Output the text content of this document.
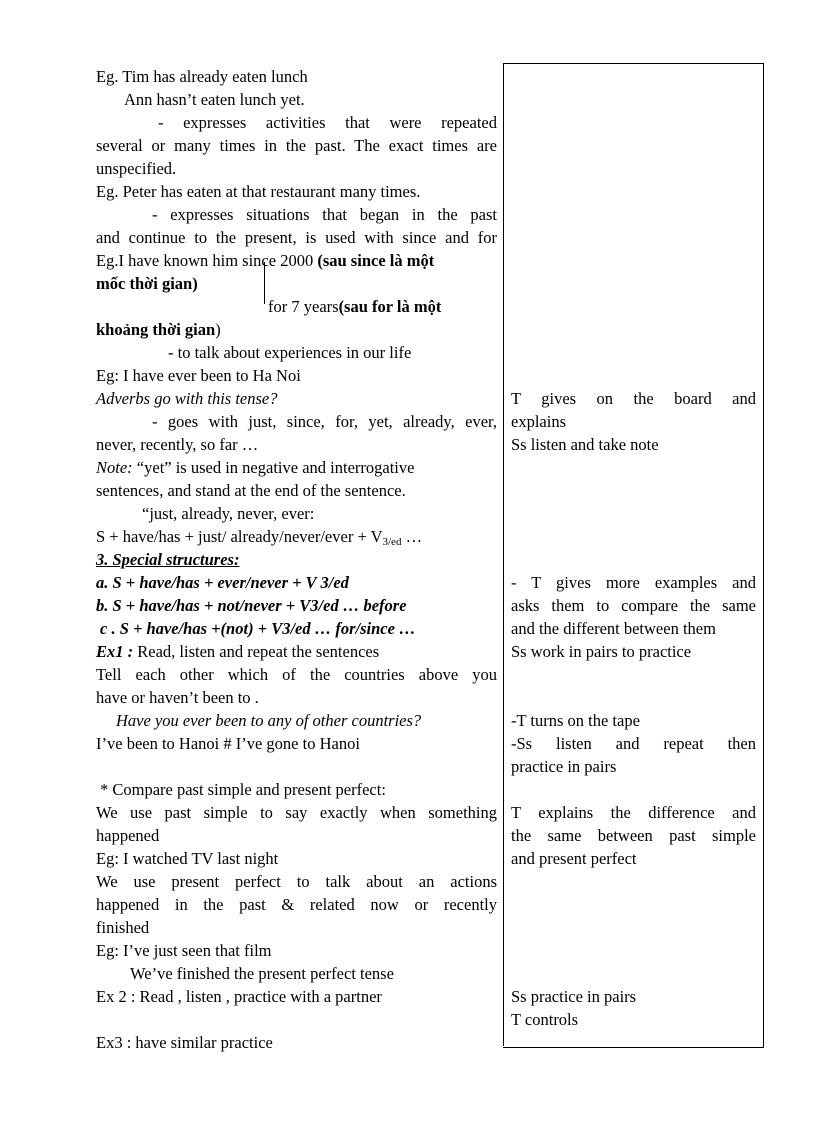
Eg. Tim has already eaten lunch
Ann hasn’t eaten lunch yet.
- expresses activities that were repeated
several or many times in the past. The exact times are
unspecified.
Eg. Peter has eaten at that restaurant many times.
- expresses situations that began in the past
and continue to the present, is used with since and for
Eg.I have known him since 2000 (sau since là một
mốc thời gian)
for 7 years(sau for là một
khoảng thời gian)
- to talk about experiences in our life
Eg: I have ever been to Ha Noi
Adverbs go with this tense?
- goes with just, since, for, yet, already, ever,
never, recently, so far …
Note: “yet” is used in negative and interrogative
sentences, and stand at the end of the sentence.
“just, already, never, ever:
S + have/has + just/ already/never/ever + $V_{3/ed}$ …
3. Special structures:
a. S + have/has + ever/never + V 3/ed
b. S + have/has + not/never + V3/ed … before
c . S + have/has +(not) + V3/ed … for/since …
Ex1 : Read, listen and repeat the sentences
Tell each other which of the countries above you
have or haven’t been to .
Have you ever been to any of other countries?
I’ve been to Hanoi # I’ve gone to Hanoi
* Compare past simple and present perfect:
We use past simple to say exactly when something
happened
Eg: I watched TV last night
We use present perfect to talk about an actions
happened in the past & related now or recently
finished
Eg: I’ve just seen that film
We’ve finished the present perfect tense
Ex 2 : Read , listen , practice with a partner
Ex3 : have similar practice
T gives on the board and
explains
Ss listen and take note
- T gives more examples and
asks them to compare the same
and the different between them
Ss work in pairs to practice
-T turns on the tape
-Ss listen and repeat then
practice in pairs
T explains the difference and
the same between past simple
and present perfect
Ss practice in pairs
T controls
